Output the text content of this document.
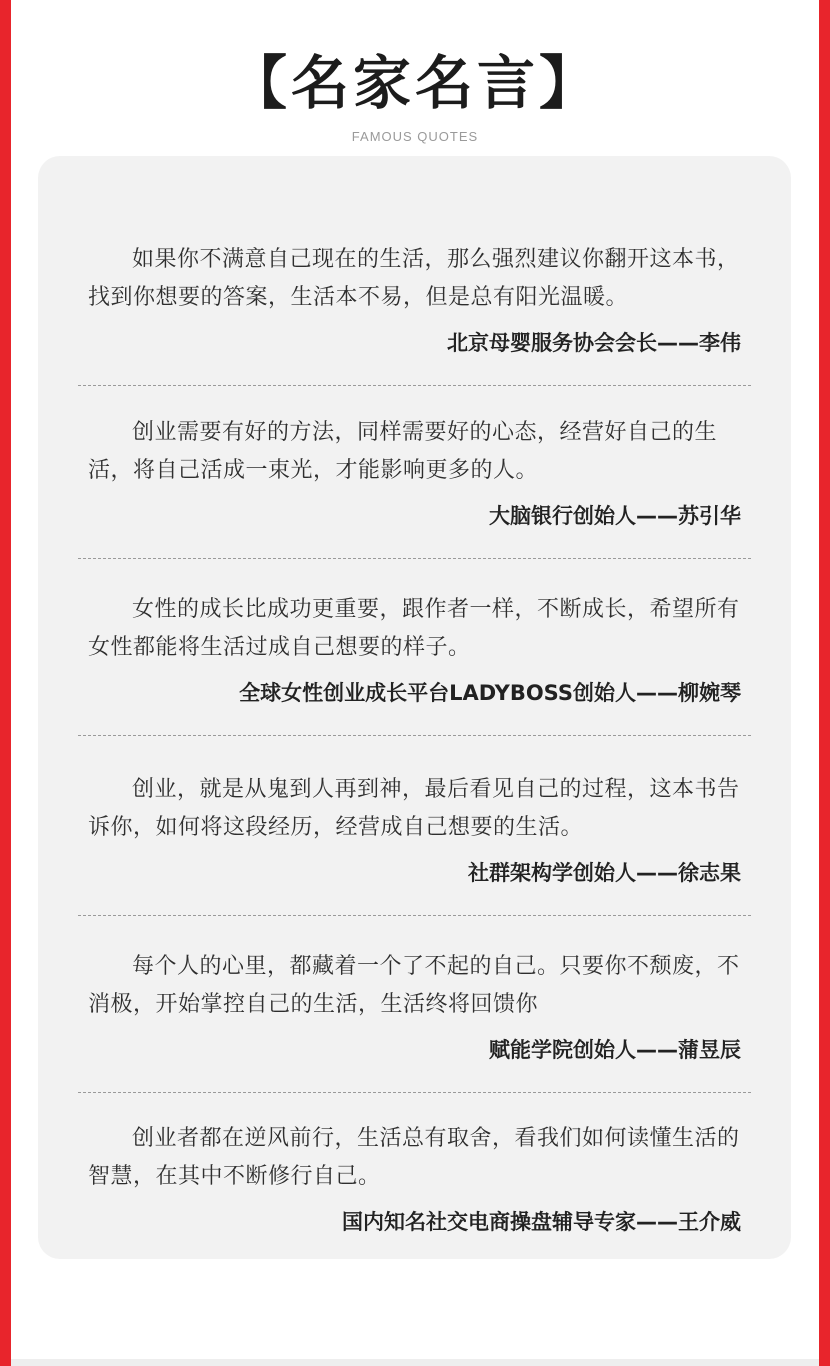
【名家名言】
FAMOUS QUOTES

如果你不满意自己现在的生活，那么强烈建议你翻开这本书，找到你想要的答案，生活本不易，但是总有阳光温暖。

北京母婴服务协会会长——李伟

创业需要有好的方法，同样需要好的心态，经营好自己的生活，将自己活成一束光，才能影响更多的人。

大脑银行创始人——苏引华

女性的成长比成功更重要，跟作者一样，不断成长，希望所有女性都能将生活过成自己想要的样子。

全球女性创业成长平台LADYBOSS创始人——柳婉琴

创业，就是从鬼到人再到神，最后看见自己的过程，这本书告诉你，如何将这段经历，经营成自己想要的生活。

社群架构学创始人——徐志果

每个人的心里，都藏着一个了不起的自己。只要你不颓废，不消极，开始掌控自己的生活，生活终将回馈你

赋能学院创始人——蒲昱辰

创业者都在逆风前行，生活总有取舍，看我们如何读懂生活的智慧，在其中不断修行自己。

国内知名社交电商操盘辅导专家——王介威
